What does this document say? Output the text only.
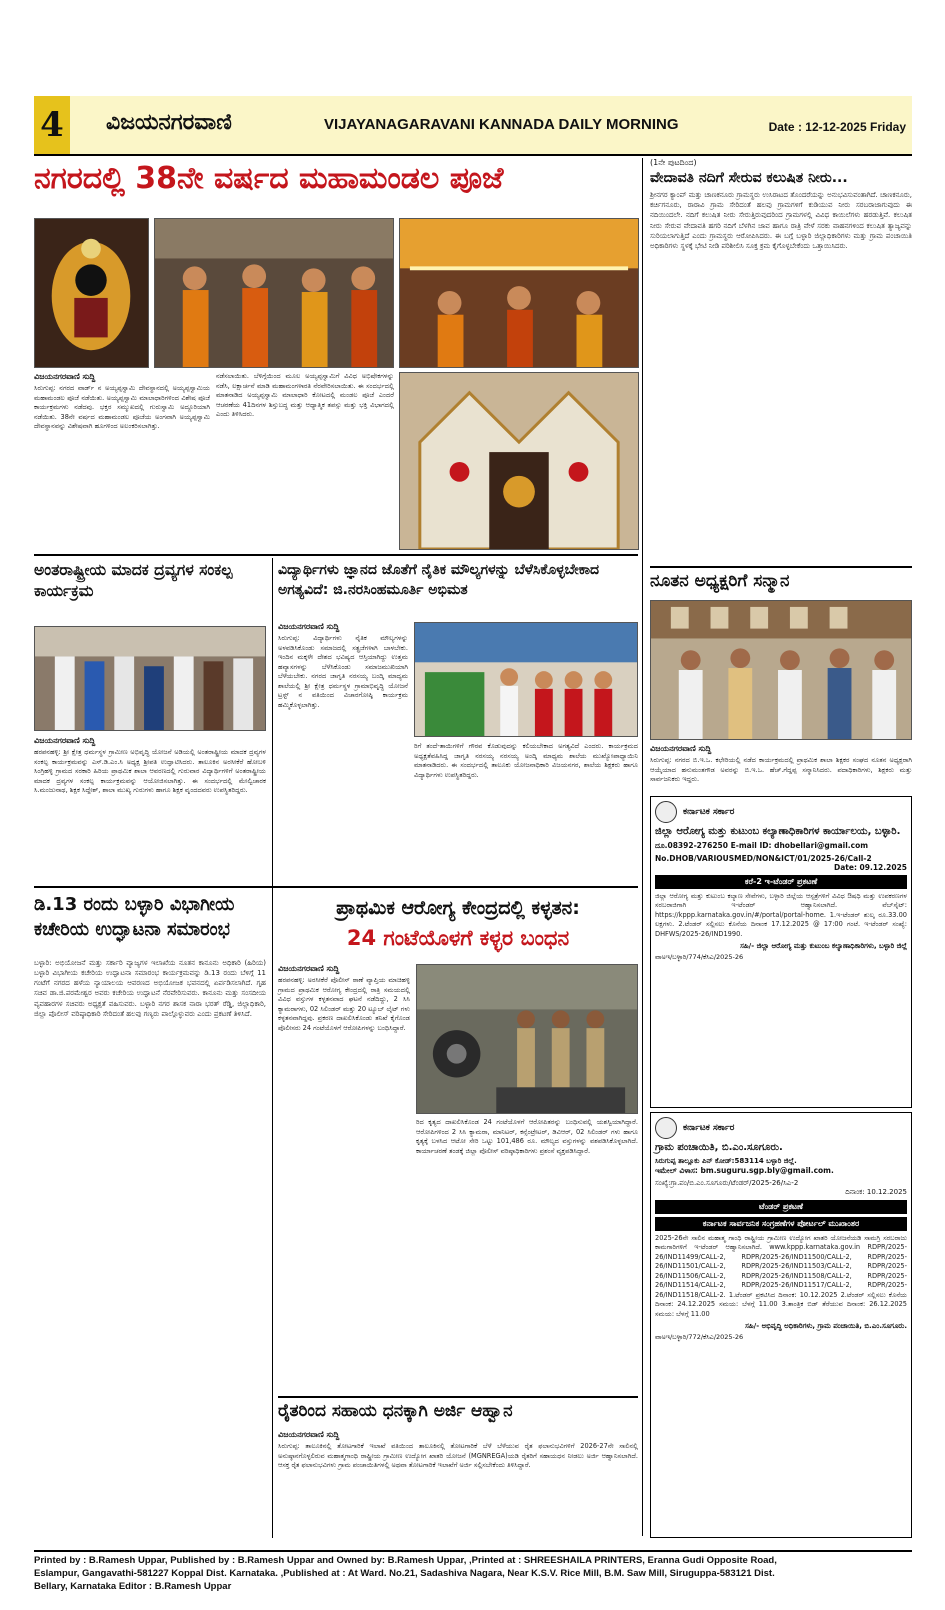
4 ವಿಜಯನಗರವಾಣಿ	VIJAYANAGARAVANI KANNADA DAILY MORNING	Date : 12-12-2025 Friday
ನಗರದಲ್ಲಿ 38ನೇ ವರ್ಷದ ಮಹಾಮಂಡಲ ಪೂಜೆ
ವಿಜಯನಗರವಾಣಿ ಸುದ್ದಿ
ಸಿರುಗುಪ್ಪ: ನಗರದ ವಾರ್ಡ್ ನ ಅಯ್ಯಪ್ಪಸ್ವಾಮಿ ದೇವಸ್ಥಾನದಲ್ಲಿ ಅಯ್ಯಪ್ಪಸ್ವಾಮಿಯ ಮಹಾಮಂಡಲ ಪೂಜೆ ನಡೆಯಿತು. ಅಯ್ಯಪ್ಪಸ್ವಾಮಿ ಮಾಲಾಧಾರಿಗಳಿಂದ ವಿಶೇಷ ಪೂಜೆ ಕಾರ್ಯಕ್ರಮಗಳು ನಡೆದವು. ಭಕ್ತರ ಸಮ್ಮುಖದಲ್ಲಿ ಗುರುಸ್ವಾಮಿ ಅದ್ದೂರಿಯಾಗಿ ನಡೆಯಿತು. 38ನೇ ವರ್ಷದ ಮಹಾಮಂಡಲ ಪೂಜೆಯ ಅಂಗವಾಗಿ ಅಯ್ಯಪ್ಪಸ್ವಾಮಿ ದೇವಸ್ಥಾನವನ್ನು ವಿಶೇಷವಾಗಿ ಹೂಗಳಿಂದ ಅಲಂಕರಿಸಲಾಗಿತ್ತು.
ನಡೆಸಲಾಯಿತು. ಬೆಳಿಗ್ಗೆಯಿಂದ ಮೂಲ ಅಯ್ಯಪ್ಪಸ್ವಾಮಿಗೆ ವಿವಿಧ ಅಭಿಷೇಕಗಳನ್ನು ನಡೆಸಿ, ಲಕ್ಷಾರ್ಚನೆ ಮಾಡಿ ಮಹಾಮಂಗಳಾರತಿ ನೆರವೇರಿಸಲಾಯಿತು. ಈ ಸಂದರ್ಭದಲ್ಲಿ ಮಾತನಾಡಿದ ಅಯ್ಯಪ್ಪಸ್ವಾಮಿ ಮಾಲಾಧಾರಿ ಕೋಟದಲ್ಲಿ ಮಂಡಲ ಪೂಜೆ ಎಂದರೆ ಆಚರಣೆಯ 41ದಿನಗಳ ಶಿಸ್ತುಬದ್ಧ ಮತ್ತು ಆಧ್ಯಾತ್ಮಿಕ ತಪಸ್ಸು ಮತ್ತು ಭಕ್ತಿ ವಿಭಾಗದಲ್ಲಿ ಎಂದು ತಿಳಿಸಿದರು.
(1ನೇ ಪುಟದಿಂದ)
ವೇದಾವತಿ ನದಿಗೆ ಸೇರುವ ಕಲುಷಿತ ನೀರು...
ಶ್ರೀನಗರ ಕ್ಯಾಂಪ್ ಮತ್ತು ಚಾಣಕನೂರು ಗ್ರಾಮಸ್ಥರು ಉಸಿರಾಟದ ತೊಂದರೆಯನ್ನು ಅನುಭವಿಸುವಂತಾಗಿದೆ. ಚಾಣಕನೂರು, ಕರ್ಚಿಗನೂರು, ರಾರಾವಿ ಗ್ರಾಮ ಸೇರಿದಂತೆ ಹಲವು ಗ್ರಾಮಗಳಿಗೆ ಕುಡಿಯುವ ನೀರು ಸರಬರಾಜಾಗುವುದು ಈ ನದಿಯಿಂದಲೇ. ನದಿಗೆ ಕಲುಷಿತ ನೀರು ಸೇರುತ್ತಿರುವುದರಿಂದ ಗ್ರಾಮಗಳಲ್ಲಿ ವಿವಿಧ ಕಾಯಿಲೆಗಳು ಹರಡುತ್ತಿವೆ. ಕಲುಷಿತ ನೀರು ಸೇರುವ ವೇದಾವತಿ ಹಗರಿ ನದಿಗೆ ಬೆಳಗಿನ ಜಾವ ಹಾಗೂ ರಾತ್ರಿ ವೇಳೆ ಸರಕು ವಾಹನಗಳಿಂದ ಕಲುಷಿತ ತ್ಯಾಜ್ಯವನ್ನು ಸುರಿಯಲಾಗುತ್ತಿದೆ ಎಂದು ಗ್ರಾಮಸ್ಥರು ಆರೋಪಿಸಿದರು. ಈ ಬಗ್ಗೆ ಬಳ್ಳಾರಿ ಜಿಲ್ಲಾಧಿಕಾರಿಗಳು ಮತ್ತು ಗ್ರಾಮ ಪಂಚಾಯಿತಿ ಅಧಿಕಾರಿಗಳು ಸ್ಥಳಕ್ಕೆ ಭೇಟಿ ನೀಡಿ ಪರಿಶೀಲಿಸಿ ಸೂಕ್ತ ಕ್ರಮ ಕೈಗೊಳ್ಳಬೇಕೆಂದು ಒತ್ತಾಯಿಸಿದರು.
ಅಂತರಾಷ್ಟ್ರೀಯ ಮಾದಕ ದ್ರವ್ಯಗಳ ಸಂಕಲ್ಪ ಕಾರ್ಯಕ್ರಮ
ವಿಜಯನಗರವಾಣಿ ಸುದ್ದಿ
ಹರಪನಹಳ್ಳಿ: ಶ್ರೀ ಕ್ಷೇತ್ರ ಧರ್ಮಸ್ಥಳ ಗ್ರಾಮೀಣ ಅಭಿವೃದ್ಧಿ ಯೋಜನೆ ಅಡಿಯಲ್ಲಿ ಅಂತರಾಷ್ಟ್ರೀಯ ಮಾದಕ ದ್ರವ್ಯಗಳ ಸಂಕಲ್ಪ ಕಾರ್ಯಕ್ರಮವನ್ನು ಎಸ್.ಡಿ.ಎಂ.ಸಿ ಅಧ್ಯಕ್ಷ ಶ್ರೀಪತಿ ಉದ್ಘಾಟಿಸಿದರು. ತಾಲೂಕಿನ ಅರಸೀಕೆರೆ ಹೋಬಳಿ ಸಿಂಗ್ರಿಹಳ್ಳಿ ಗ್ರಾಮದ ಸರಕಾರಿ ಹಿರಿಯ ಪ್ರಾಥಮಿಕ ಶಾಲಾ ಆವರಣದಲ್ಲಿ ಗುರುವಾರ ವಿದ್ಯಾರ್ಥಿಗಳಿಗೆ ಅಂತರಾಷ್ಟ್ರೀಯ ಮಾದಕ ದ್ರವ್ಯಗಳ ಸಂಕಲ್ಪ ಕಾರ್ಯಕ್ರಮವನ್ನು ಆಯೋಜಿಸಲಾಗಿತ್ತು. ಈ ಸಂದರ್ಭದಲ್ಲಿ ಮೇಲ್ವಿಚಾರಕ ಸಿ.ಮಂಜುನಾಥ, ಶಿಕ್ಷಕ ಸಿದ್ದೇಶ್, ಶಾಲಾ ಮುಖ್ಯ ಗುರುಗಳು ಹಾಗೂ ಶಿಕ್ಷಕ ವೃಂದದವರು ಉಪಸ್ಥಿತರಿದ್ದರು.
ವಿದ್ಯಾರ್ಥಿಗಳು ಜ್ಞಾನದ ಜೊತೆಗೆ ನೈತಿಕ ಮೌಲ್ಯಗಳನ್ನು ಬೆಳೆಸಿಕೊಳ್ಳಬೇಕಾದ ಅಗತ್ಯವಿದೆ: ಜಿ.ನರಸಿಂಹಮೂರ್ತಿ ಅಭಿಮತ
ವಿಜಯನಗರವಾಣಿ ಸುದ್ದಿ
ಸಿರುಗುಪ್ಪ: ವಿದ್ಯಾರ್ಥಿಗಳು ನೈತಿಕ ಮೌಲ್ಯಗಳನ್ನು ಅಳವಡಿಸಿಕೊಂಡು ಸಮಾಜದಲ್ಲಿ ಸತ್ಪ್ರಜೆಗಳಾಗಿ ಬಾಳಬೇಕು. ಇಂದಿನ ಮಕ್ಕಳೇ ದೇಶದ ಭವಿಷ್ಯದ ಆಸ್ತಿಯಾಗಿದ್ದು ಉತ್ತಮ ಹವ್ಯಾಸಗಳನ್ನು ಬೆಳೆಸಿಕೊಂಡು ಸಮಾಜಮುಖಿಯಾಗಿ ಬೆಳೆಯಬೇಕು. ನಗರದ ಜಾಗೃತಿ ನರಸಯ್ಯ ಬಂದ್ಕಿ ಮಾದ್ಯಮ ಶಾಲೆಯಲ್ಲಿ ಶ್ರೀ ಕ್ಷೇತ್ರ ಧರ್ಮಸ್ಥಳ ಗ್ರಾಮಾಭಿವೃದ್ಧಿ ಯೋಜನೆ ಟ್ರಸ್ಟ್ ನ ವತಿಯಿಂದ ವಿಚಾರಗೋಷ್ಠಿ ಕಾರ್ಯಕ್ರಮ ಹಮ್ಮಿಕೊಳ್ಳಲಾಗಿತ್ತು.
ರಿಗೆ ತಂದೆ-ತಾಯಿಗಳಿಗೆ ಗೌರವ ಕೊಡುವುದನ್ನು ಕಲಿಯಬೇಕಾದ ಅಗತ್ಯವಿದೆ ಎಂದರು. ಕಾರ್ಯಕ್ರಮದ ಅಧ್ಯಕ್ಷತೆವಹಿಸಿದ್ದ ಜಾಗೃತಿ ನರಸಯ್ಯ ನರಸಯ್ಯ ಅಂದ್ಕಿ ಮಾಧ್ಯಮ ಶಾಲೆಯ ಮುಖ್ಯೋಪಾಧ್ಯಾಯಿನಿ ಮಾತನಾಡಿದರು. ಈ ಸಂದರ್ಭದಲ್ಲಿ ತಾಲೂಕು ಯೋಜನಾಧಿಕಾರಿ ವಿಜಯನಗರ, ಶಾಲೆಯ ಶಿಕ್ಷಕರು ಹಾಗೂ ವಿದ್ಯಾರ್ಥಿಗಳು ಉಪಸ್ಥಿತರಿದ್ದರು.
ನೂತನ ಅಧ್ಯಕ್ಷರಿಗೆ ಸನ್ಮಾನ
ವಿಜಯನಗರವಾಣಿ ಸುದ್ದಿ
ಸಿರುಗುಪ್ಪ: ನಗರದ ಬಿ.ಇ.ಒ. ಕಛೇರಿಯಲ್ಲಿ ನಡೆದ ಕಾರ್ಯಕ್ರಮದಲ್ಲಿ ಪ್ರಾಥಮಿಕ ಶಾಲಾ ಶಿಕ್ಷಕರ ಸಂಘದ ನೂತನ ಅಧ್ಯಕ್ಷರಾಗಿ ಆಯ್ಕೆಯಾದ ಹನುಮಂತಗೌಡ ಅವರನ್ನು ಬಿ.ಇ.ಒ. ಹೆಚ್.ಗೆದ್ದಪ್ಪ ಸನ್ಮಾನಿಸಿದರು. ಪದಾಧಿಕಾರಿಗಳು, ಶಿಕ್ಷಕರು ಮತ್ತು ಸಾರ್ವಜನಿಕರು ಇದ್ದರು.
ಕರ್ನಾಟಕ ಸರ್ಕಾರ
ಜಿಲ್ಲಾ ಆರೋಗ್ಯ ಮತ್ತು ಕುಟುಂಬ ಕಲ್ಯಾಣಾಧಿಕಾರಿಗಳ ಕಾರ್ಯಾಲಯ, ಬಳ್ಳಾರಿ.
ದೂ.08392-276250 E-mail ID: dhobellari@gmail.com
No.DHOB/VARIOUSMED/NON&ICT/01/2025-26/Call-2
Date: 09.12.2025
ಕರೆ-2 ಇ-ಟೆಂಡರ್ ಪ್ರಕಟಣೆ
ಜಿಲ್ಲಾ ಆರೋಗ್ಯ ಮತ್ತು ಕುಟುಂಬ ಕಲ್ಯಾಣ ಸೇವೆಗಳು, ಬಳ್ಳಾರಿ ಜಿಲ್ಲೆಯ ಆಸ್ಪತ್ರೆಗಳಿಗೆ ವಿವಿಧ ಔಷಧಿ ಮತ್ತು ಉಪಕರಣಗಳ ಸರಬರಾಜಿಗಾಗಿ ಇ-ಟೆಂಡರ್ ಆಹ್ವಾನಿಸಲಾಗಿದೆ. ವೆಬ್‌ಸೈಟ್: https://kppp.karnataka.gov.in/#/portal/portal-home. 1.ಇ-ಟೆಂಡರ್ ಶುಲ್ಕ ರೂ.33.00 ಲಕ್ಷಗಳು. 2.ಟೆಂಡರ್ ಸಲ್ಲಿಸಲು ಕೊನೆಯ ದಿನಾಂಕ 17.12.2025 @ 17:00 ಗಂಟೆ. ಇ-ಟೆಂಡರ್ ಸಂಖ್ಯೆ: DHFWS/2025-26/IND1990.
ಸಹಿ/- ಜಿಲ್ಲಾ ಆರೋಗ್ಯ ಮತ್ತು ಕುಟುಂಬ ಕಲ್ಯಾಣಾಧಿಕಾರಿಗಳು, ಬಳ್ಳಾರಿ ಜಿಲ್ಲೆ
ವಾಅಇ/ಬಳ್ಳಾರಿ/774/ಕೆಸಿಎ/2025-26
ಕರ್ನಾಟಕ ಸರ್ಕಾರ
ಗ್ರಾಮ ಪಂಚಾಯಿತಿ, ಬಿ.ಎಂ.ಸೂಗೂರು.
ಸಿರುಗುಪ್ಪ ತಾಲ್ಲೂಕು ಪಿನ್ ಕೋಡ್:583114 ಬಳ್ಳಾರಿ ಜಿಲ್ಲೆ.
ಇಮೇಲ್ ವಿಳಾಸ: bm.suguru.sgp.bly@gmail.com.
ಸಂಖ್ಯೆ:ಗ್ರಾ.ಪಂ/ಬಿ.ಎಂ.ಸೂಗೂರು/ಟೆಂಡರ್/2025-26/ಸಿಎ-2
ದಿನಾಂಕ: 10.12.2025
ಟೆಂಡರ್ ಪ್ರಕಟಣೆ
ಕರ್ನಾಟಕ ಸಾರ್ವಜನಿಕ ಸಂಗ್ರಹಣೆಗಳ ಪೋರ್ಟಲ್ ಮುಖಾಂತರ
2025-26ನೇ ಸಾಲಿನ ಮಹಾತ್ಮ ಗಾಂಧಿ ರಾಷ್ಟ್ರೀಯ ಗ್ರಾಮೀಣ ಉದ್ಯೋಗ ಖಾತರಿ ಯೋಜನೆಯಡಿ ಸಾಮಗ್ರಿ ಸರಬರಾಜು ಕಾಮಗಾರಿಗಳಿಗೆ ಇ-ಟೆಂಡರ್ ಆಹ್ವಾನಿಸಲಾಗಿದೆ. www.kppp.karnataka.gov.in RDPR/2025-26/IND11499/CALL-2, RDPR/2025-26/IND11500/CALL-2, RDPR/2025-26/IND11501/CALL-2, RDPR/2025-26/IND11503/CALL-2, RDPR/2025-26/IND11506/CALL-2, RDPR/2025-26/IND11508/CALL-2, RDPR/2025-26/IND11514/CALL-2, RDPR/2025-26/IND11517/CALL-2, RDPR/2025-26/IND11518/CALL-2. 1.ಟೆಂಡರ್ ಪ್ರಕಟಿಸಿದ ದಿನಾಂಕ: 10.12.2025 2.ಟೆಂಡರ್ ಸಲ್ಲಿಸಲು ಕೊನೆಯ ದಿನಾಂಕ: 24.12.2025 ಸಮಯ: ಬೆಳಗ್ಗೆ 11.00 3.ತಾಂತ್ರಿಕ ಬಿಡ್ ತೆರೆಯುವ ದಿನಾಂಕ: 26.12.2025 ಸಮಯ: ಬೆಳಗ್ಗೆ 11.00
ಸಹಿ/- ಅಭಿವೃದ್ಧಿ ಅಧಿಕಾರಿಗಳು, ಗ್ರಾಮ ಪಂಚಾಯಿತಿ, ಬಿ.ಎಂ.ಸೂಗೂರು.
ವಾಅಇ/ಬಳ್ಳಾರಿ/772/ಕೆಸಿಎ/2025-26
ಡಿ.13 ರಂದು ಬಳ್ಳಾರಿ ವಿಭಾಗೀಯ ಕಚೇರಿಯ ಉದ್ಘಾಟನಾ ಸಮಾರಂಭ
ಬಳ್ಳಾರಿ: ಅಭಿಯೋಜನೆ ಮತ್ತು ಸರ್ಕಾರಿ ವ್ಯಾಜ್ಯಗಳ ಇಲಾಖೆಯ ನೂತನ ಕಾನೂನು ಅಧಿಕಾರಿ (ಹಿರಿಯ) ಬಳ್ಳಾರಿ ವಿಭಾಗೀಯ ಕಚೇರಿಯ ಉದ್ಘಾಟನಾ ಸಮಾರಂಭ ಕಾರ್ಯಕ್ರಮವನ್ನು ಡಿ.13 ರಂದು ಬೆಳಿಗ್ಗೆ 11 ಗಂಟೆಗೆ ನಗರದ ಹಳೆಯ ನ್ಯಾಯಾಲಯ ಆವರಣದ ಅಭಿಯೋಜಕ ಭವನದಲ್ಲಿ ಏರ್ಪಡಿಸಲಾಗಿದೆ. ಗೃಹ ಸಚಿವ ಡಾ.ಜಿ.ಪರಮೇಶ್ವರ ಅವರು ಕಚೇರಿಯ ಉದ್ಘಾಟನೆ ನೆರವೇರಿಸುವರು. ಕಾನೂನು ಮತ್ತು ಸಂಸದೀಯ ವ್ಯವಹಾರಗಳ ಸಚಿವರು ಅಧ್ಯಕ್ಷತೆ ವಹಿಸುವರು. ಬಳ್ಳಾರಿ ನಗರ ಶಾಸಕ ನಾರಾ ಭರತ್ ರೆಡ್ಡಿ, ಜಿಲ್ಲಾಧಿಕಾರಿ, ಜಿಲ್ಲಾ ಪೊಲೀಸ್ ವರಿಷ್ಠಾಧಿಕಾರಿ ಸೇರಿದಂತೆ ಹಲವು ಗಣ್ಯರು ಪಾಲ್ಗೊಳ್ಳುವರು ಎಂದು ಪ್ರಕಟಣೆ ತಿಳಿಸಿದೆ.
ಪ್ರಾಥಮಿಕ ಆರೋಗ್ಯ ಕೇಂದ್ರದಲ್ಲಿ ಕಳ್ಳತನ:
24 ಗಂಟೆಯೊಳಗೆ ಕಳ್ಳರ ಬಂಧನ
ವಿಜಯನಗರವಾಣಿ ಸುದ್ದಿ
ಹರಪನಹಳ್ಳಿ: ಅರಸೀಕೆರೆ ಪೊಲೀಸ್ ಠಾಣೆ ವ್ಯಾಪ್ತಿಯ ಮಾಚಿಹಳ್ಳಿ ಗ್ರಾಮದ ಪ್ರಾಥಮಿಕ ಆರೋಗ್ಯ ಕೇಂದ್ರದಲ್ಲಿ ರಾತ್ರಿ ಸಮಯದಲ್ಲಿ ವಿವಿಧ ವಸ್ತುಗಳ ಕಳ್ಳತನವಾದ ಘಟನೆ ನಡೆದಿದ್ದು, 2 ಸಿಸಿ ಕ್ಯಾಮರಾಗಳು, 02 ಸಿಲಿಂಡರ್ ಮತ್ತು 20 ಟ್ಯೂಬ್ ಲೈಟ್ ಗಳು ಕಳ್ಳತನವಾಗಿದ್ದವು. ಪ್ರಕರಣ ದಾಖಲಿಸಿಕೊಂಡು ತನಿಖೆ ಕೈಗೊಂಡ ಪೊಲೀಸರು 24 ಗಂಟೆಯೊಳಗೆ ಆರೋಪಿಗಳನ್ನು ಬಂಧಿಸಿದ್ದಾರೆ.
ರಿದ ಕೃತ್ಯದ ದಾಖಲಿಸಿಕೊಂಡ 24 ಗಂಟೆಯೊಳಗೆ ಆರೋಪಿತರನ್ನು ಬಂಧಿಸುವಲ್ಲಿ ಯಶಸ್ವಿಯಾಗಿದ್ದಾರೆ. ಆರೋಪಿಗಳಿಂದ 2 ಸಿಸಿ ಕ್ಯಾಮರಾ, ಮಾನಿಟರ್, ಕನ್ಸೆಂಟ್ರೇಟರ್, ಡಿವಿಆರ್, 02 ಸಿಲಿಂಡರ್ ಗಳು ಹಾಗೂ ಕೃತ್ಯಕ್ಕೆ ಬಳಸಿದ ಆಟೋ ಸೇರಿ ಒಟ್ಟು 101,486 ರೂ. ಮೌಲ್ಯದ ವಸ್ತುಗಳನ್ನು ವಶಪಡಿಸಿಕೊಳ್ಳಲಾಗಿದೆ. ಕಾರ್ಯಾಚರಣೆ ತಂಡಕ್ಕೆ ಜಿಲ್ಲಾ ಪೊಲೀಸ್ ವರಿಷ್ಠಾಧಿಕಾರಿಗಳು ಪ್ರಶಂಸೆ ವ್ಯಕ್ತಪಡಿಸಿದ್ದಾರೆ.
ರೈತರಿಂದ ಸಹಾಯ ಧನಕ್ಕಾಗಿ ಅರ್ಜಿ ಆಹ್ವಾನ
ವಿಜಯನಗರವಾಣಿ ಸುದ್ದಿ
ಸಿರುಗುಪ್ಪ: ತಾಲೂಕಿನಲ್ಲಿ ತೋಟಗಾರಿಕೆ ಇಲಾಖೆ ವತಿಯಿಂದ ತಾಲೂಕಿನಲ್ಲಿ ತೋಟಗಾರಿಕೆ ಬೆಳೆ ಬೆಳೆಯುವ ರೈತ ಫಲಾನುಭವಿಗಳಿಗೆ 2026-27ನೇ ಸಾಲಿನಲ್ಲಿ ಅನುಷ್ಠಾನಗೊಳ್ಳಲಿರುವ ಮಹಾತ್ಮಗಾಂಧಿ ರಾಷ್ಟ್ರೀಯ ಗ್ರಾಮೀಣ ಉದ್ಯೋಗ ಖಾತರಿ ಯೋಜನೆ (MGNREGA)ಯಡಿ ರೈತರಿಗೆ ಸಹಾಯಧನ ನೀಡಲು ಅರ್ಜಿ ಆಹ್ವಾನಿಸಲಾಗಿದೆ. ಆಸಕ್ತ ರೈತ ಫಲಾನುಭವಿಗಳು ಗ್ರಾಮ ಪಂಚಾಯಿತಿಗಳಲ್ಲಿ ಅಥವಾ ತೋಟಗಾರಿಕೆ ಇಲಾಖೆಗೆ ಅರ್ಜಿ ಸಲ್ಲಿಸಬೇಕೆಂದು ತಿಳಿಸಿದ್ದಾರೆ.
Printed by : B.Ramesh Uppar, Published by : B.Ramesh Uppar and Owned by: B.Ramesh Uppar, ,Printed at : SHREESHAILA PRINTERS, Eranna Gudi Opposite Road,
Eslampur, Gangavathi-581227 Koppal Dist. Karnataka. ,Published at : At Ward. No.21, Sadashiva Nagara, Near K.S.V. Rice Mill, B.M. Saw Mill, Siruguppa-583121 Dist.
Bellary, Karnataka Editor : B.Ramesh Uppar
